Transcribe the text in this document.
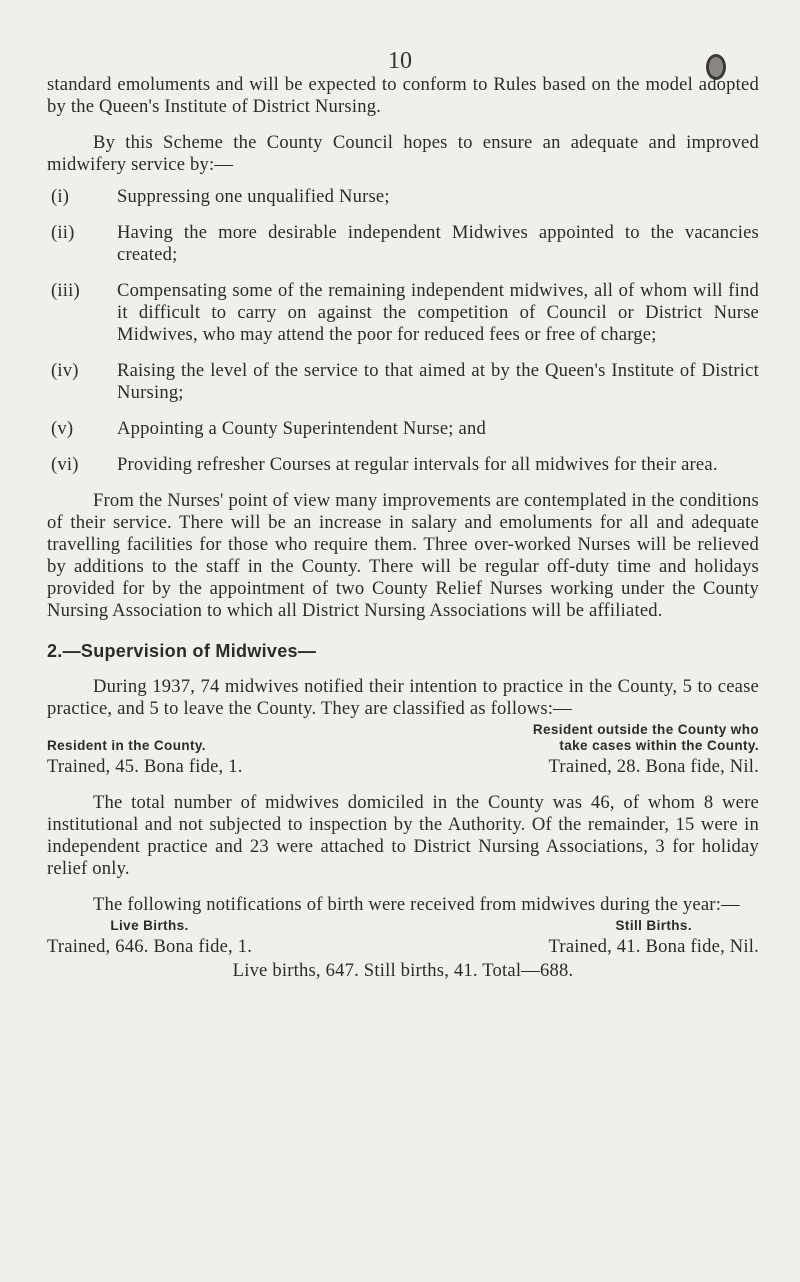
10

standard emoluments and will be expected to conform to Rules based on the model adopted by the Queen's Institute of District Nursing.

By this Scheme the County Council hopes to ensure an adequate and improved midwifery service by:—

(i)	Suppressing one unqualified Nurse;
(ii) Having the more desirable independent Midwives appointed to the vacancies created;
(iii) Compensating some of the remaining independent midwives, all of whom will find it difficult to carry on against the competition of Council or District Nurse Midwives, who may attend the poor for reduced fees or free of charge;
(iv) Raising the level of the service to that aimed at by the Queen's Institute of District Nursing;
(v) Appointing a County Superintendent Nurse; and
(vi) Providing refresher Courses at regular intervals for all midwives for their area.

From the Nurses' point of view many improvements are contemplated in the conditions of their service. There will be an increase in salary and emoluments for all and adequate travelling facilities for those who require them. Three over-worked Nurses will be relieved by additions to the staff in the County. There will be regular off-duty time and holidays provided for by the appointment of two County Relief Nurses working under the County Nursing Association to which all District Nursing Associations will be affiliated.

2.—Supervision of Midwives—

During 1937, 74 midwives notified their intention to practice in the County, 5 to cease practice, and 5 to leave the County. They are classified as follows:—

Resident in the County.
Trained, 45. Bona fide, 1.
Resident outside the County who
take cases within the County.
Trained, 28. Bona fide, Nil.

The total number of midwives domiciled in the County was 46, of whom 8 were institutional and not subjected to inspection by the Authority. Of the remainder, 15 were in independent practice and 23 were attached to District Nursing Associations, 3 for holiday relief only.

The following notifications of birth were received from midwives during the year:—

Live Births.
Trained, 646. Bona fide, 1.
Still Births.
Trained, 41. Bona fide, Nil.
Live births, 647. Still births, 41. Total—688.
